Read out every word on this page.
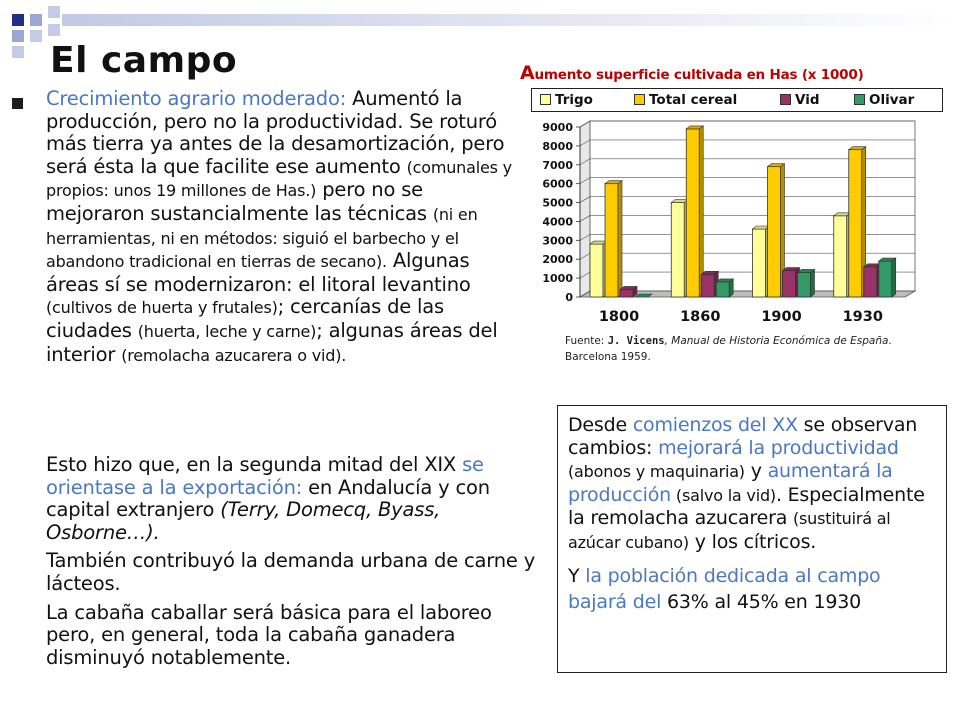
El campo

Crecimiento agrario moderado: Aumentó la producción, pero no la productividad. Se roturó más tierra ya antes de la desamortización, pero será ésta la que facilite ese aumento (comunales y propios: unos 19 millones de Has.) pero no se mejoraron sustancialmente las técnicas (ni en herramientas, ni en métodos: siguió el barbecho y el abandono tradicional en tierras de secano). Algunas áreas sí se modernizaron: el litoral levantino (cultivos de huerta y frutales); cercanías de las ciudades (huerta, leche y carne); algunas áreas del interior (remolacha azucarera o vid).

Esto hizo que, en la segunda mitad del XIX se orientase a la exportación: en Andalucía y con capital extranjero (Terry, Domecq, Byass, Osborne…).

También contribuyó la demanda urbana de carne y lácteos.

La cabaña caballar será básica para el laboreo pero, en general, toda la cabaña ganadera disminuyó notablemente.

Aumento superficie cultivada en Has (x 1000)
Trigo	Total cereal	Vid	Olivar
0
1000
2000
3000
4000
5000
6000
7000
8000
9000
1800	1860	1900	1930
Fuente: J. Vicens, Manual de Historia Económica de España. Barcelona 1959.

Desde comienzos del XX se observan cambios: mejorará la productividad (abonos y maquinaria) y aumentará la producción (salvo la vid). Especialmente la remolacha azucarera (sustituirá al azúcar cubano) y los cítricos.

Y la población dedicada al campo bajará del 63% al 45% en 1930
